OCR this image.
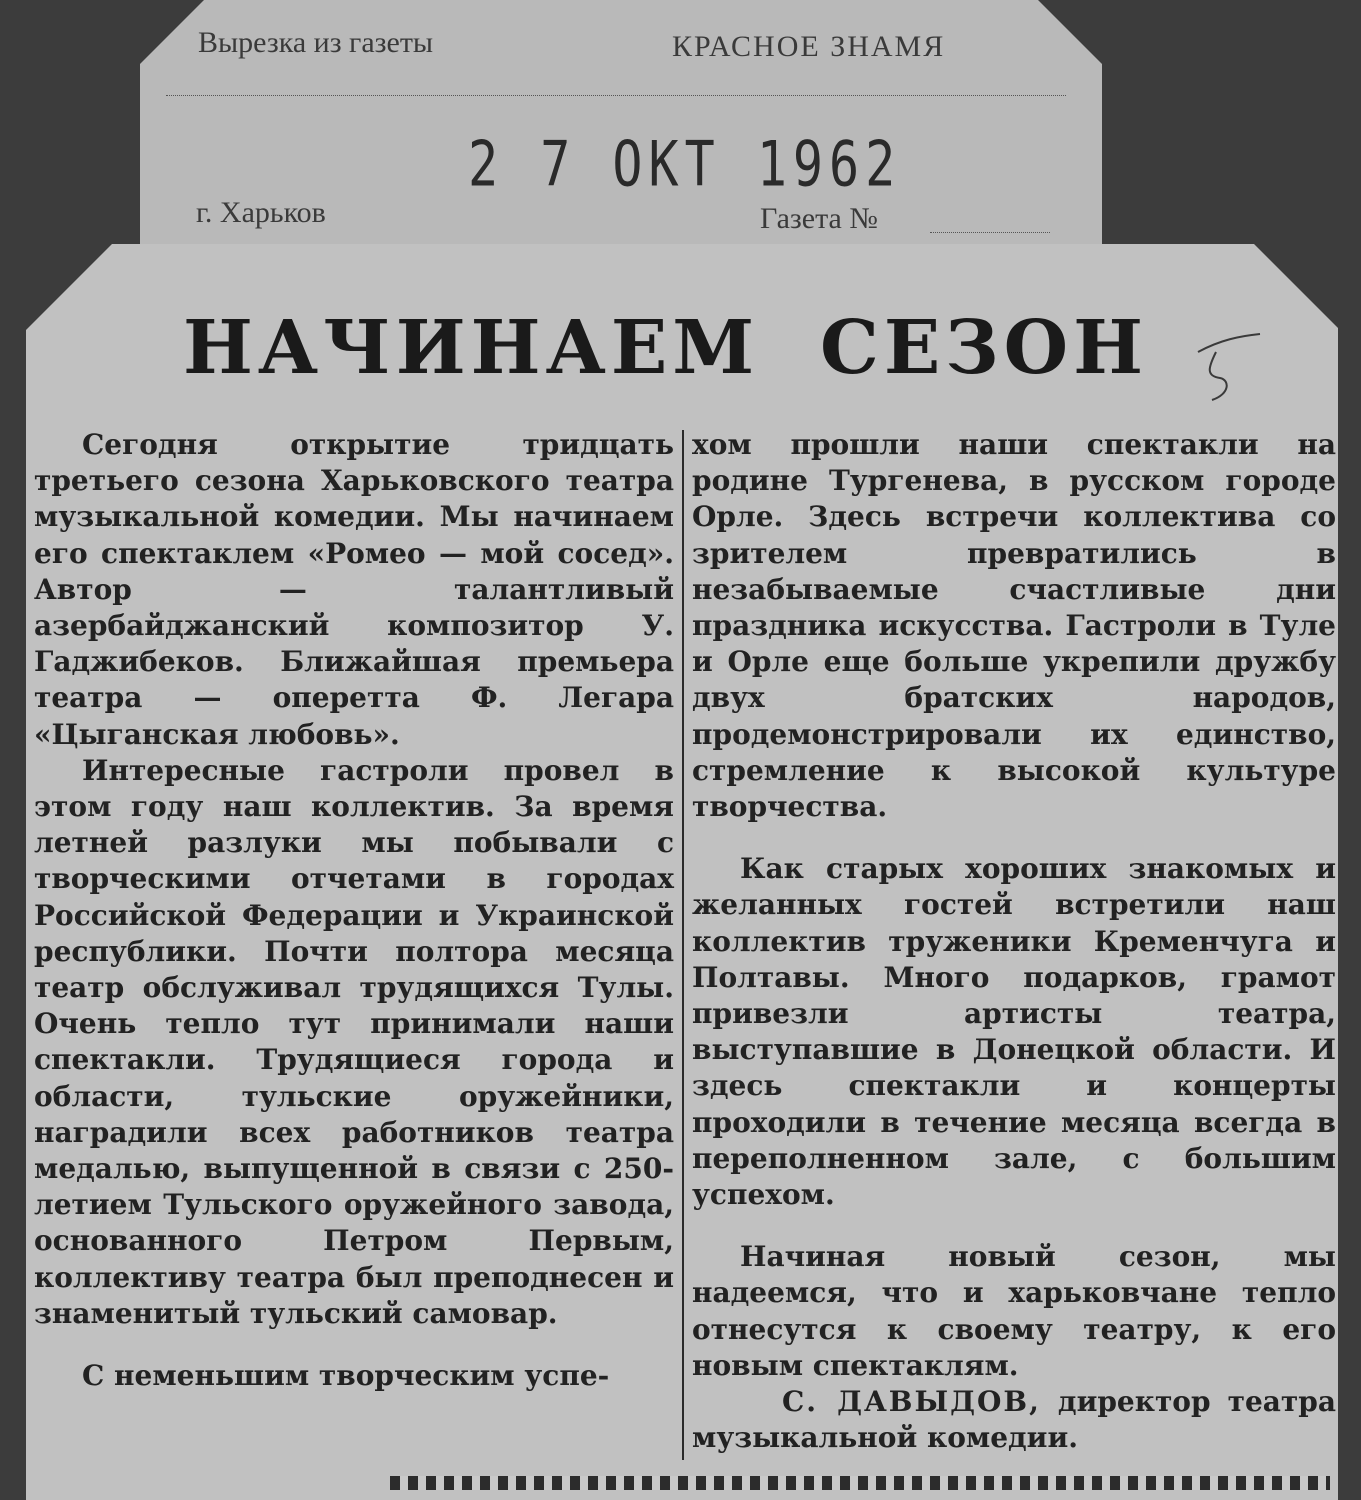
Вырезка из газеты	КРАСНОЕ ЗНАМЯ
г. Харьков	Газета №
2 7 ОКТ 1962
НАЧИНАЕМ СЕЗОН

Сегодня открытие тридцать третьего сезона Харьковского театра музыкальной комедии. Мы начинаем его спектаклем «Ромео — мой сосед». Автор — талантливый азербайджанский композитор У. Гаджибеков. Ближайшая премьера театра — оперетта Ф. Легара «Цыганская любовь».

Интересные гастроли провел в этом году наш коллектив. За время летней разлуки мы побывали с творческими отчетами в городах Российской Федерации и Украинской республики. Почти полтора месяца театр обслуживал трудящихся Тулы. Очень тепло тут принимали наши спектакли. Трудящиеся города и области, тульские оружейники, наградили всех работников театра медалью, выпущенной в связи с 250-летием Тульского оружейного завода, основанного Петром Первым, коллективу театра был преподнесен и знаменитый тульский самовар.

С неменьшим творческим успе-

хом прошли наши спектакли на родине Тургенева, в русском городе Орле. Здесь встречи коллектива со зрителем превратились в незабываемые счастливые дни праздника искусства. Гастроли в Туле и Орле еще больше укрепили дружбу двух братских народов, продемонстрировали их единство, стремление к высокой культуре творчества.

Как старых хороших знакомых и желанных гостей встретили наш коллектив труженики Кременчуга и Полтавы. Много подарков, грамот привезли артисты театра, выступавшие в Донецкой области. И здесь спектакли и концерты проходили в течение месяца всегда в переполненном зале, с большим успехом.

Начиная новый сезон, мы надеемся, что и харьковчане тепло отнесутся к своему театру, к его новым спектаклям.

С. ДАВЫДОВ, директор театра музыкальной комедии.
